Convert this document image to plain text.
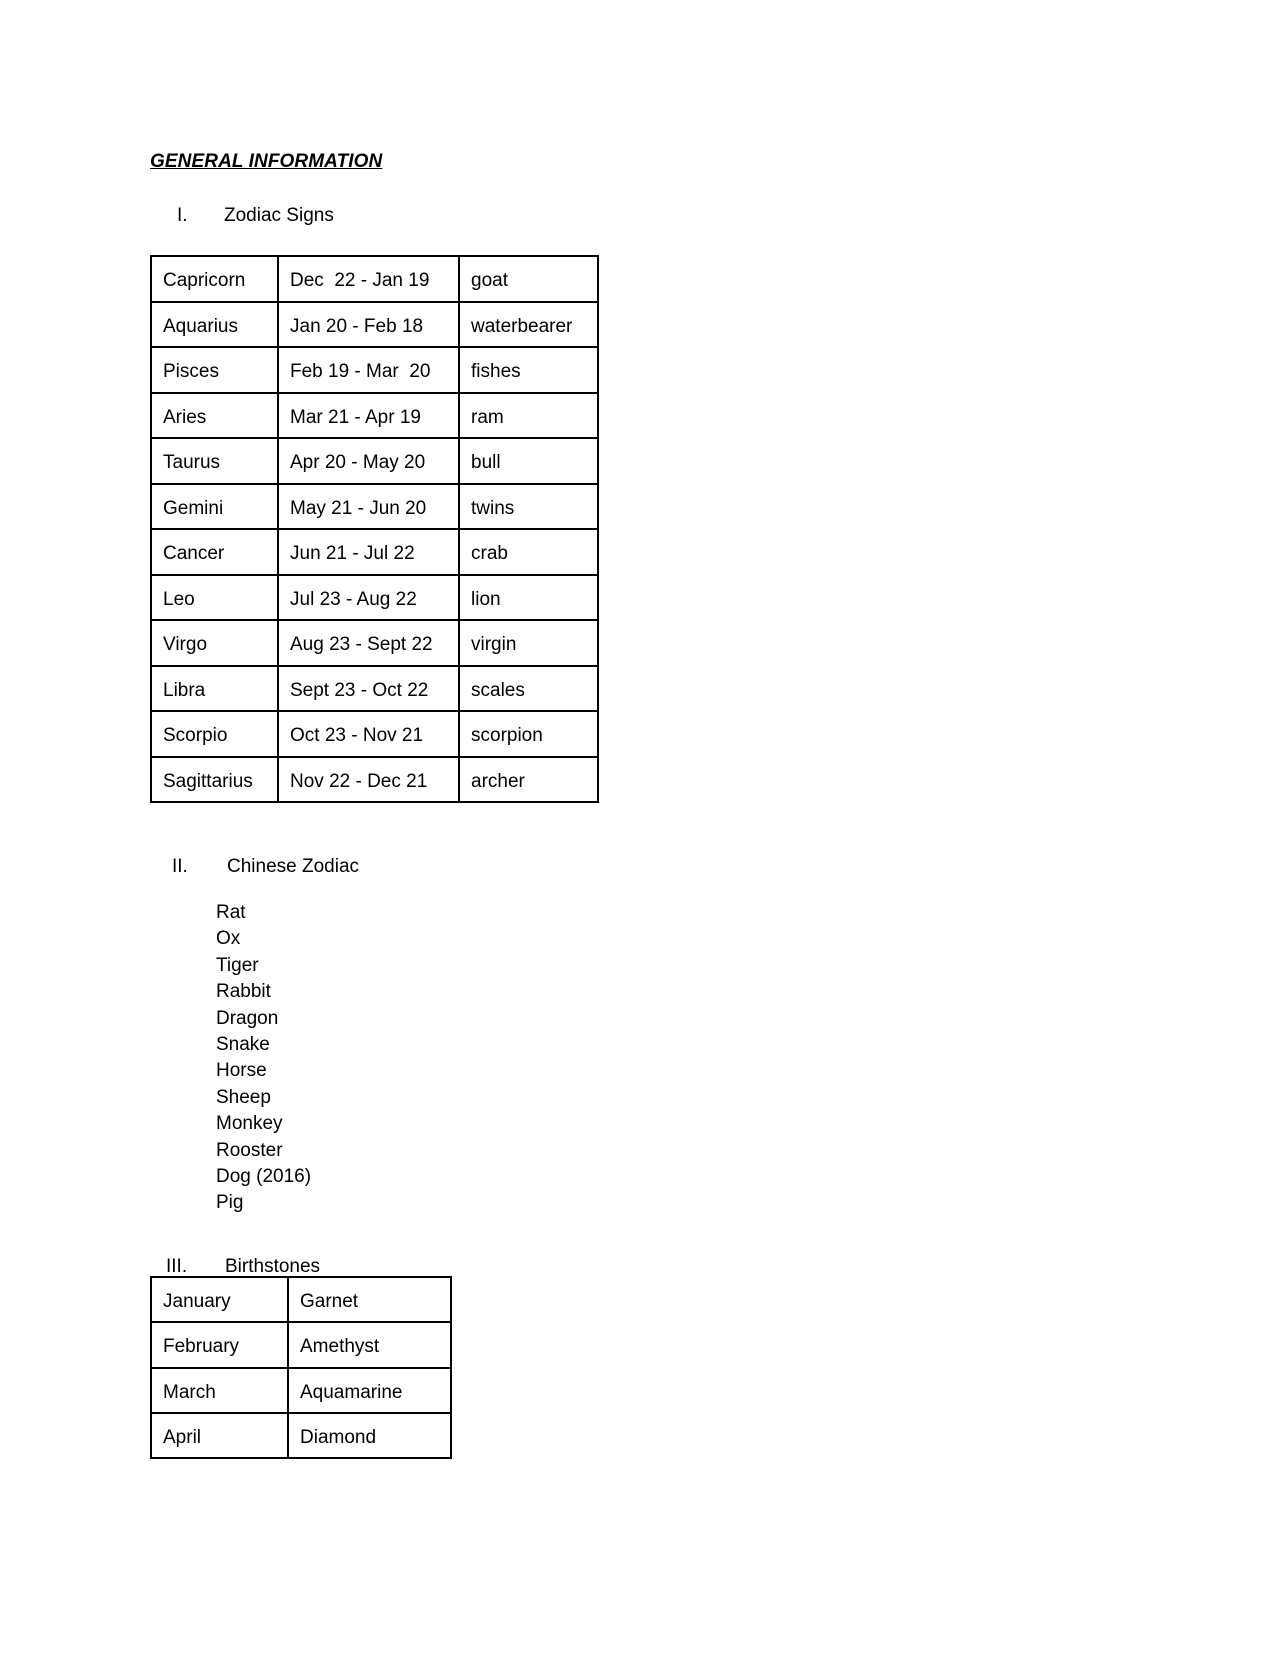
GENERAL INFORMATION
I.	Zodiac Signs
Capricorn	Dec  22 - Jan 19	goat
Aquarius	Jan 20 - Feb 18	waterbearer
Pisces	Feb 19 - Mar  20	fishes
Aries	Mar 21 - Apr 19	ram
Taurus	Apr 20 - May 20	bull
Gemini	May 21 - Jun 20	twins
Cancer	Jun 21 - Jul 22	crab
Leo	Jul 23 - Aug 22	lion
Virgo	Aug 23 - Sept 22	virgin
Libra	Sept 23 - Oct 22	scales
Scorpio	Oct 23 - Nov 21	scorpion
Sagittarius	Nov 22 - Dec 21	archer
II.	Chinese Zodiac
Rat
Ox
Tiger
Rabbit
Dragon
Snake
Horse
Sheep
Monkey
Rooster
Dog (2016)
Pig
III.	Birthstones
January	Garnet
February	Amethyst
March	Aquamarine
April	Diamond
